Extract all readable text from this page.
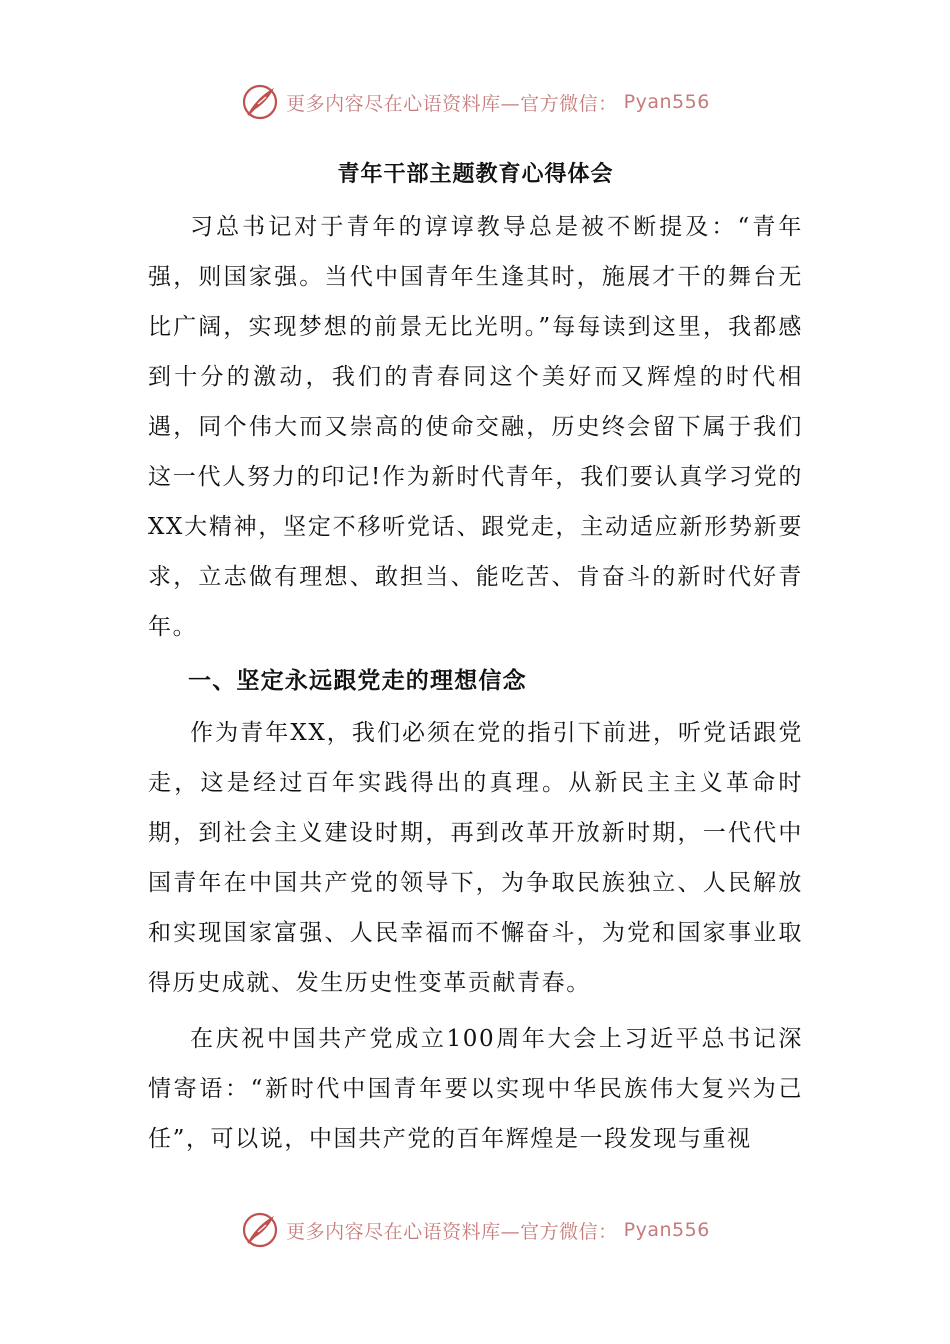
更多内容尽在心语资料库—官方微信： Pyan556
青年干部主题教育心得体会

习总书记对于青年的谆谆教导总是被不断提及：“青年强，则国家强。当代中国青年生逢其时，施展才干的舞台无比广阔，实现梦想的前景无比光明。”每每读到这里，我都感到十分的激动，我们的青春同这个美好而又辉煌的时代相遇，同个伟大而又崇高的使命交融，历史终会留下属于我们这一代人努力的印记!作为新时代青年，我们要认真学习党的XX大精神，坚定不移听党话、跟党走，主动适应新形势新要求，立志做有理想、敢担当、能吃苦、肯奋斗的新时代好青年。

一、坚定永远跟党走的理想信念

作为青年XX，我们必须在党的指引下前进，听党话跟党走，这是经过百年实践得出的真理。从新民主主义革命时期，到社会主义建设时期，再到改革开放新时期，一代代中国青年在中国共产党的领导下，为争取民族独立、人民解放和实现国家富强、人民幸福而不懈奋斗，为党和国家事业取得历史成就、发生历史性变革贡献青春。

在庆祝中国共产党成立100周年大会上习近平总书记深情寄语：“新时代中国青年要以实现中华民族伟大复兴为己任”，可以说，中国共产党的百年辉煌是一段发现与重视

更多内容尽在心语资料库—官方微信： Pyan556
